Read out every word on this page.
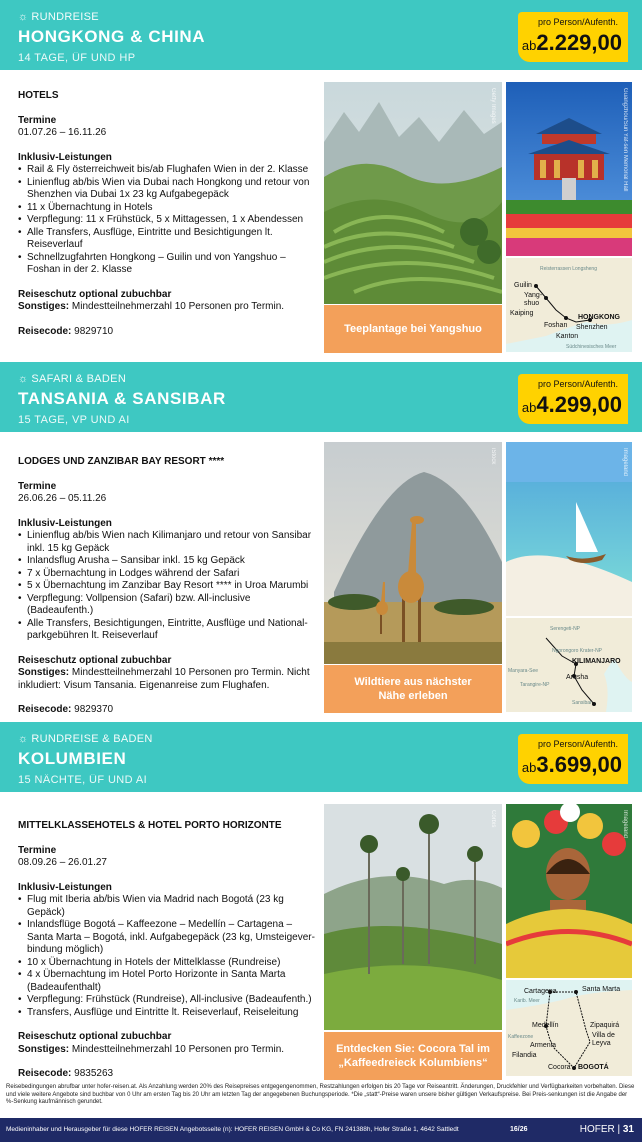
☼ RUNDREISE
HONGKONG & CHINA
14 TAGE, ÜF UND HP
pro Person/Aufenth.
ab2.229,00
HOTELS
Termine
01.07.26 – 16.11.26
Inklusiv-Leistungen
• Rail & Fly österreichweit bis/ab Flughafen Wien in der 2. Klasse
• Linienflug ab/bis Wien via Dubai nach Hongkong und retour von Shenzhen via Dubai 1x 23 kg Aufgabegepäck
• 11 x Übernachtung in Hotels
• Verpflegung: 11 x Frühstück, 5 x Mittagessen, 1 x Abendessen
• Alle Transfers, Ausflüge, Eintritte und Besichtigungen lt. Reiseverlauf
• Schnellzugfahrten Hongkong – Guilin und von Yangshuo – Foshan in der 2. Klasse
Reiseschutz optional zubuchbar
Sonstiges: Mindestteilnehmerzahl 10 Personen pro Termin.
Reisecode: 9829710
Getty Images	Guangzhou/Sun Yat-sen Memorial Hall
Reisterrassen Longsheng
Guilin
Yang-shuo
Kaiping
Foshan
HONGKONG
Shenzhen
Kanton
Südchinesisches Meer
Teeplantage bei Yangshuo
☼ SAFARI & BADEN
TANSANIA & SANSIBAR
15 TAGE, VP UND AI
pro Person/Aufenth.
ab4.299,00
LODGES UND ZANZIBAR BAY RESORT ****
Termine
26.06.26 – 05.11.26
Inklusiv-Leistungen
• Linienflug ab/bis Wien nach Kilimanjaro und retour von Sansibar inkl. 15 kg Gepäck
• Inlandsflug Arusha – Sansibar inkl. 15 kg Gepäck
• 7 x Übernachtung in Lodges während der Safari
• 5 x Übernachtung im Zanzibar Bay Resort **** in Uroa Marumbi
• Verpflegung: Vollpension (Safari) bzw. All-inclusive (Badeaufenth.)
• Alle Transfers, Besichtigungen, Eintritte, Ausflüge und National-parkgebühren lt. Reiseverlauf
Reiseschutz optional zubuchbar
Sonstiges: Mindestteilnehmerzahl 10 Personen pro Termin. Nicht inkludiert: Visum Tansania. Eigenanreise zum Flughafen.
Reisecode: 9829370
iStock	Imageland
Serengeti-NP
Ngorongoro Krater-NP
KILIMANJARO
Manyara-See
Tarangire-NP
Arusha
Sansibar
Wildtiere aus nächster Nähe erleben
☼ RUNDREISE & BADEN
KOLUMBIEN
15 NÄCHTE, ÜF UND AI
pro Person/Aufenth.
ab3.699,00
MITTELKLASSEHOTELS & HOTEL PORTO HORIZONTE
Termine
08.09.26 – 26.01.27
Inklusiv-Leistungen
• Flug mit Iberia ab/bis Wien via Madrid nach Bogotá (23 kg Gepäck)
• Inlandsflüge Bogotá – Kaffeezone – Medellín – Cartagena – Santa Marta – Bogotá, inkl. Aufgabegepäck (23 kg, Umsteigever-bindung möglich)
• 10 x Übernachtung in Hotels der Mittelklasse (Rundreise)
• 4 x Übernachtung im Hotel Porto Horizonte in Santa Marta (Badeaufenthalt)
• Verpflegung: Frühstück (Rundreise), All-inclusive (Badeaufenth.)
• Transfers, Ausflüge und Eintritte lt. Reiseverlauf, Reiseleitung
Reiseschutz optional zubuchbar
Sonstiges: Mindestteilnehmerzahl 10 Personen pro Termin.
Reisecode: 9835263
Corbis	Imageland
Cartagena	Santa Marta
Karib. Meer
Medellín	Zipaquirá
Kaffeezone	Villa de Leyva
Armenia
Filandia
Cocora BOGOTÁ
Entdecken Sie: Cocora Tal im „Kaffeedreieck Kolumbiens“
Reisebedingungen abrufbar unter hofer-reisen.at. Als Anzahlung werden 20% des Reisepreises entgegengenommen, Restzahlungen erfolgen bis 20 Tage vor Reiseantritt. Änderungen, Druckfehler und Verfügbarkeiten vorbehalten. Diese und viele weitere Angebote sind buchbar von 0 Uhr am ersten Tag bis 20 Uhr am letzten Tag der angegebenen Buchungsperiode. *Die „statt“-Preise waren unsere bisher gültigen Verkaufspreise. Bei Preis-senkungen ist die Angabe der %-Senkung kaufmännisch gerundet.
Medieninhaber und Herausgeber für diese HOFER REISEN Angebotsseite (n): HOFER REISEN GmbH & Co KG, FN 241388h, Hofer Straße 1, 4642 Sattledt	16/26	HOFER | 31
